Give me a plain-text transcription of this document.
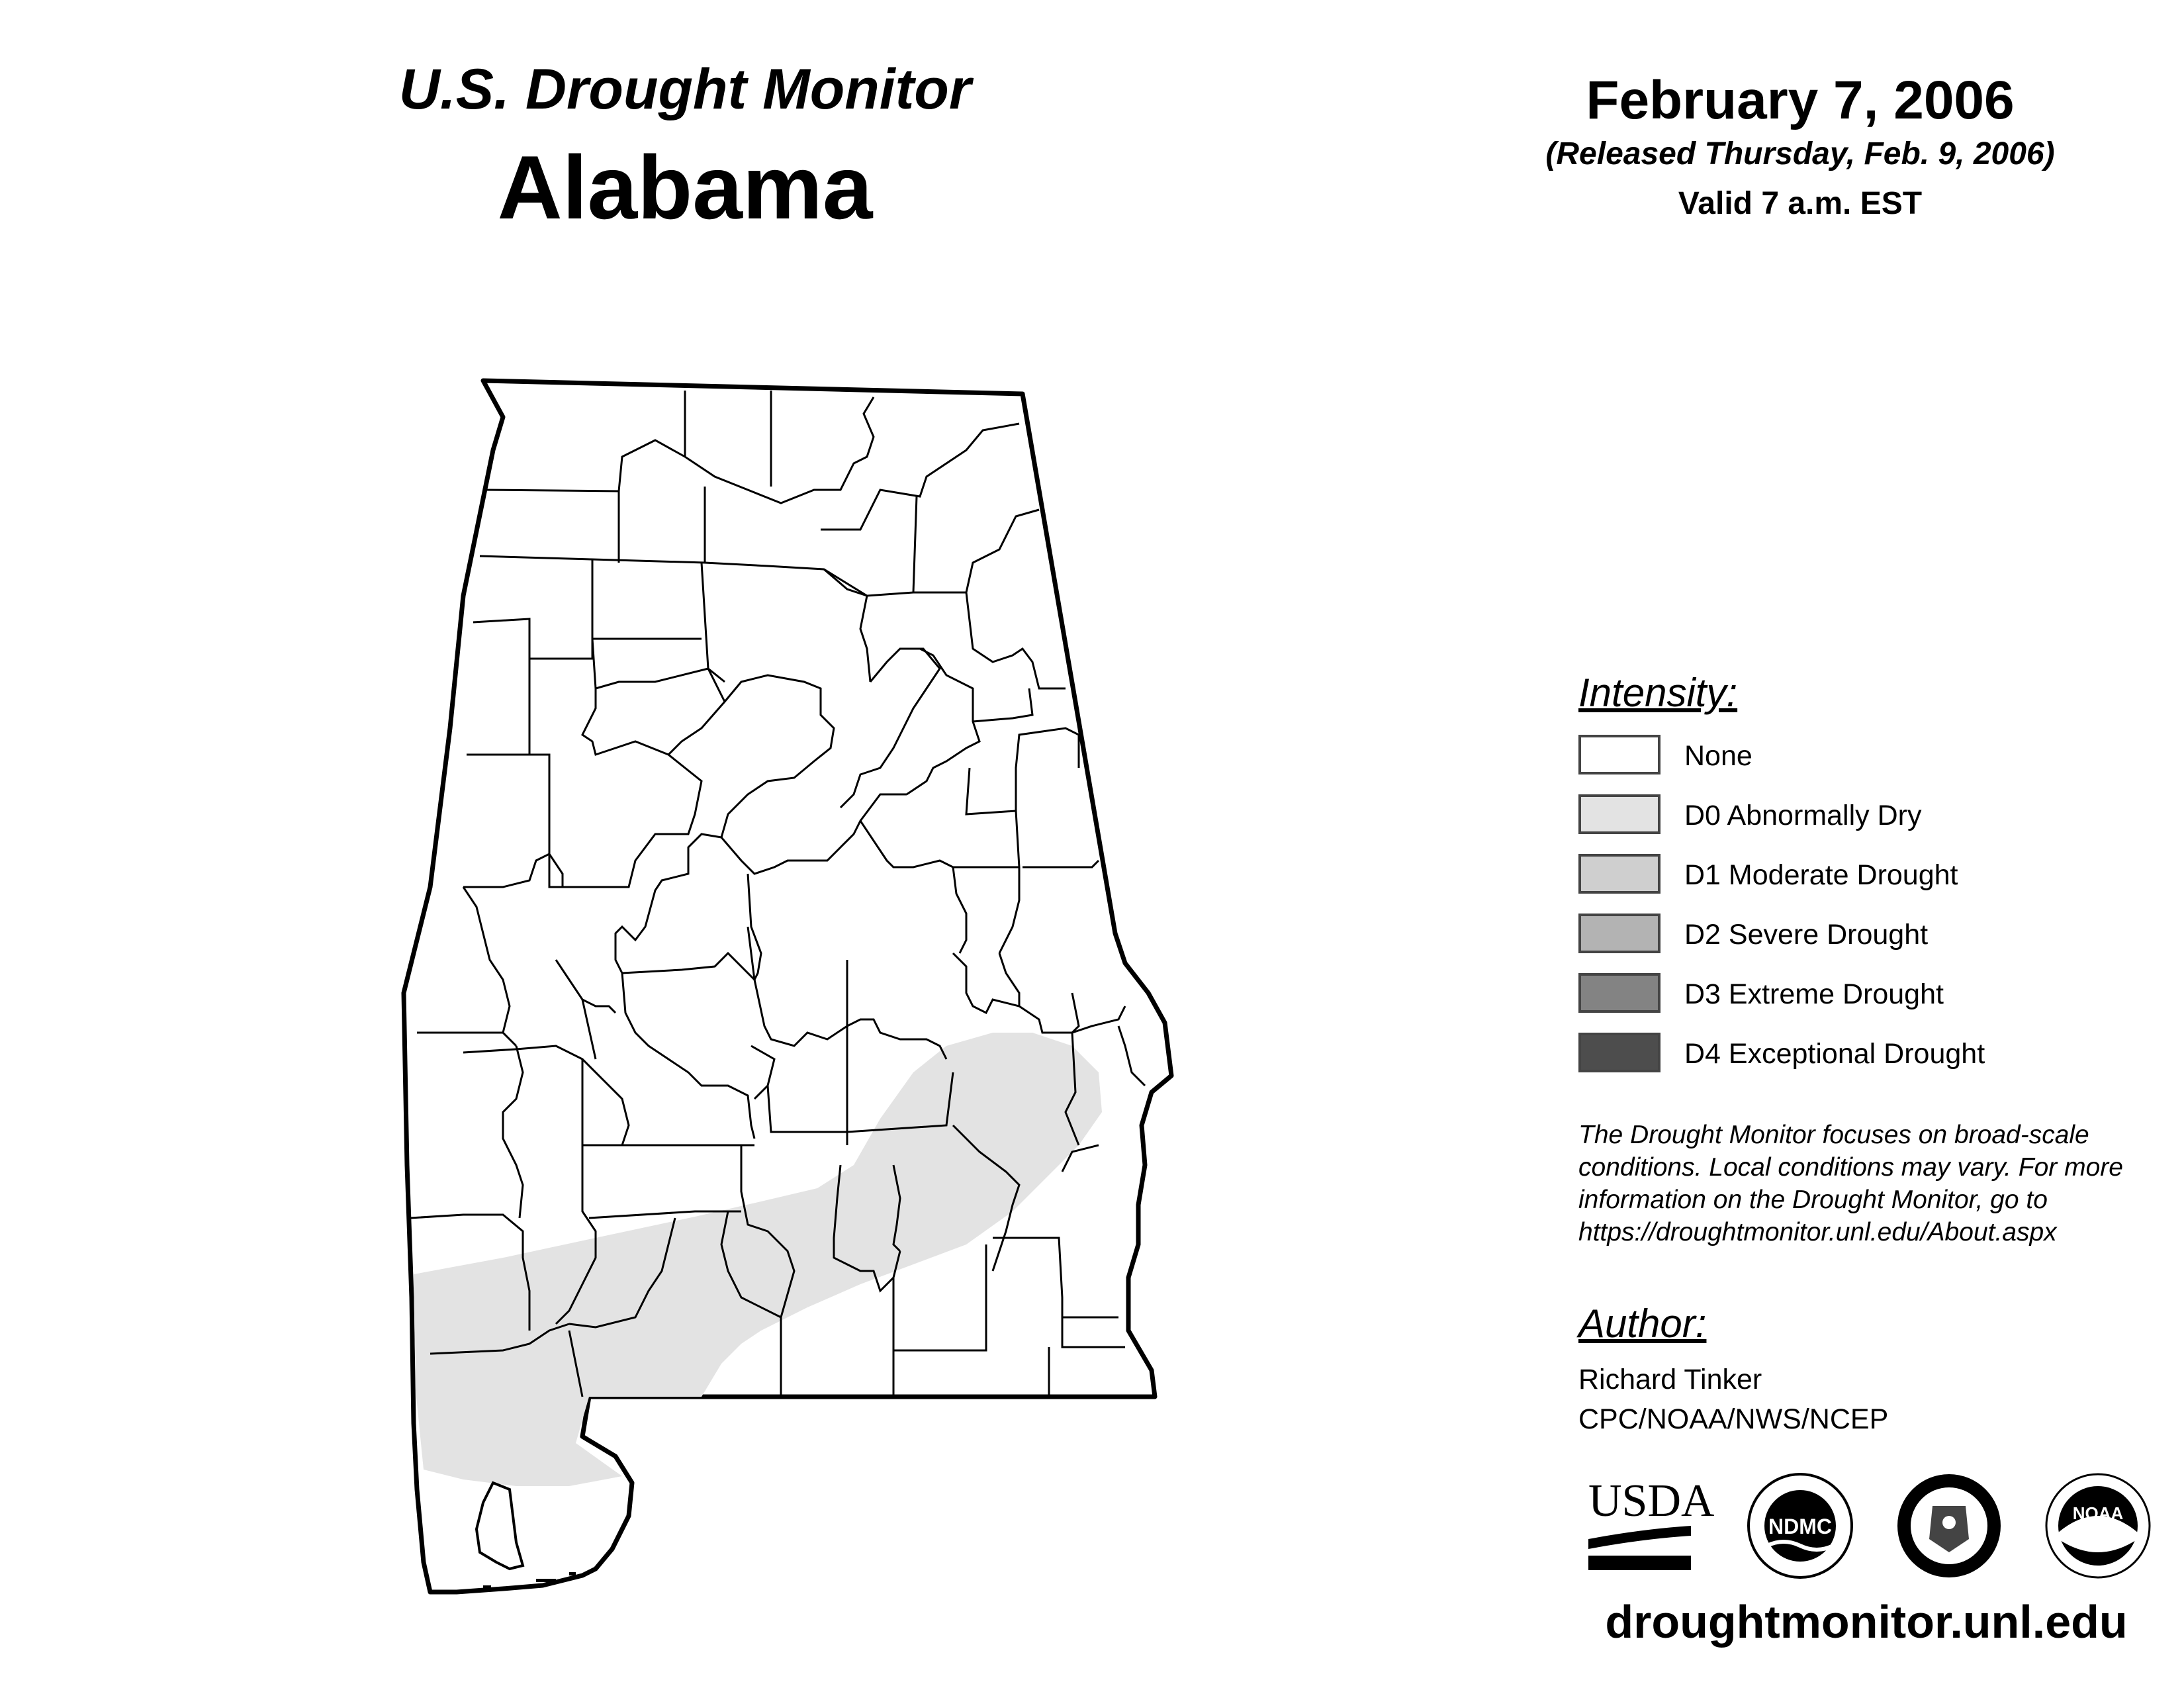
U.S. Drought Monitor
Alabama
February 7, 2006
(Released Thursday, Feb. 9, 2006)
Valid 7 a.m. EST
Intensity:
None
D0 Abnormally Dry
D1 Moderate Drought
D2 Severe Drought
D3 Extreme Drought
D4 Exceptional Drought
The Drought Monitor focuses on broad-scale conditions. Local conditions may vary. For more information on the Drought Monitor, go to https://droughtmonitor.unl.edu/About.aspx
Author:
Richard Tinker
CPC/NOAA/NWS/NCEP
USDA	NDMC
NOAA
droughtmonitor.unl.edu
